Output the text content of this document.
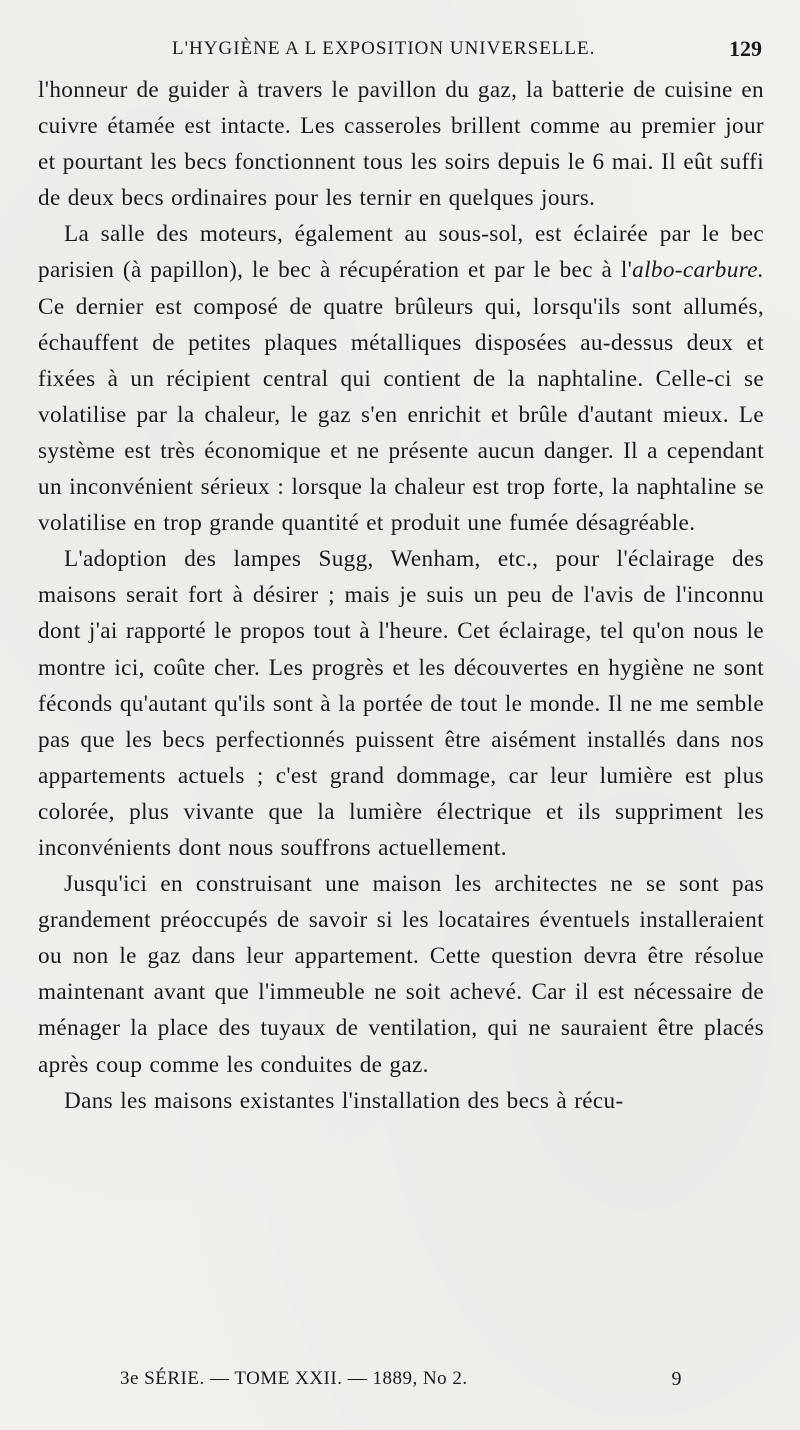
L'HYGIÈNE A L EXPOSITION UNIVERSELLE.	129

l'honneur de guider à travers le pavillon du gaz, la batterie de cuisine en cuivre étamée est intacte. Les casseroles brillent comme au premier jour et pourtant les becs fonctionnent tous les soirs depuis le 6 mai. Il eût suffi de deux becs ordinaires pour les ternir en quelques jours.

La salle des moteurs, également au sous-sol, est éclairée par le bec parisien (à papillon), le bec à récupération et par le bec à l'albo-carbure. Ce dernier est composé de quatre brûleurs qui, lorsqu'ils sont allumés, échauffent de petites plaques métalliques disposées au-dessus deux et fixées à un récipient central qui contient de la naphtaline. Celle-ci se volatilise par la chaleur, le gaz s'en enrichit et brûle d'autant mieux. Le système est très économique et ne présente aucun danger. Il a cependant un inconvénient sérieux : lorsque la chaleur est trop forte, la naphtaline se volatilise en trop grande quantité et produit une fumée désagréable.

L'adoption des lampes Sugg, Wenham, etc., pour l'éclairage des maisons serait fort à désirer ; mais je suis un peu de l'avis de l'inconnu dont j'ai rapporté le propos tout à l'heure. Cet éclairage, tel qu'on nous le montre ici, coûte cher. Les progrès et les découvertes en hygiène ne sont féconds qu'autant qu'ils sont à la portée de tout le monde. Il ne me semble pas que les becs perfectionnés puissent être aisément installés dans nos appartements actuels ; c'est grand dommage, car leur lumière est plus colorée, plus vivante que la lumière électrique et ils suppriment les inconvénients dont nous souffrons actuellement.

Jusqu'ici en construisant une maison les architectes ne se sont pas grandement préoccupés de savoir si les locataires éventuels installeraient ou non le gaz dans leur appartement. Cette question devra être résolue maintenant avant que l'immeuble ne soit achevé. Car il est nécessaire de ménager la place des tuyaux de ventilation, qui ne sauraient être placés après coup comme les conduites de gaz.

Dans les maisons existantes l'installation des becs à récu-

3e SÉRIE. — TOME XXII. — 1889, No 2.	9
